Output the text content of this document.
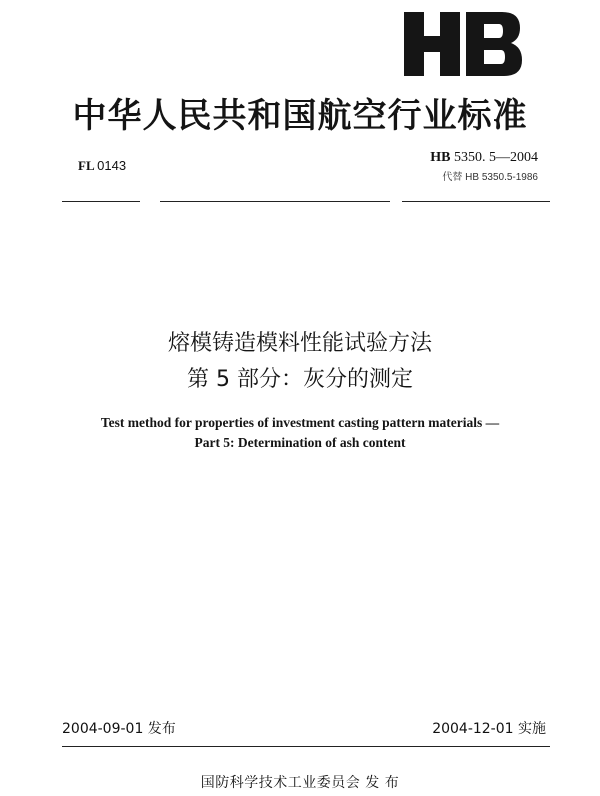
中华人民共和国航空行业标准
FL 0143
HB 5350. 5—2004
代替 HB 5350.5-1986
熔模铸造模料性能试验方法
第 5 部分：灰分的测定
Test method for properties of investment casting pattern materials —
Part 5: Determination of ash content
2004-09-01 发布	2004-12-01 实施
国防科学技术工业委员会 发 布
